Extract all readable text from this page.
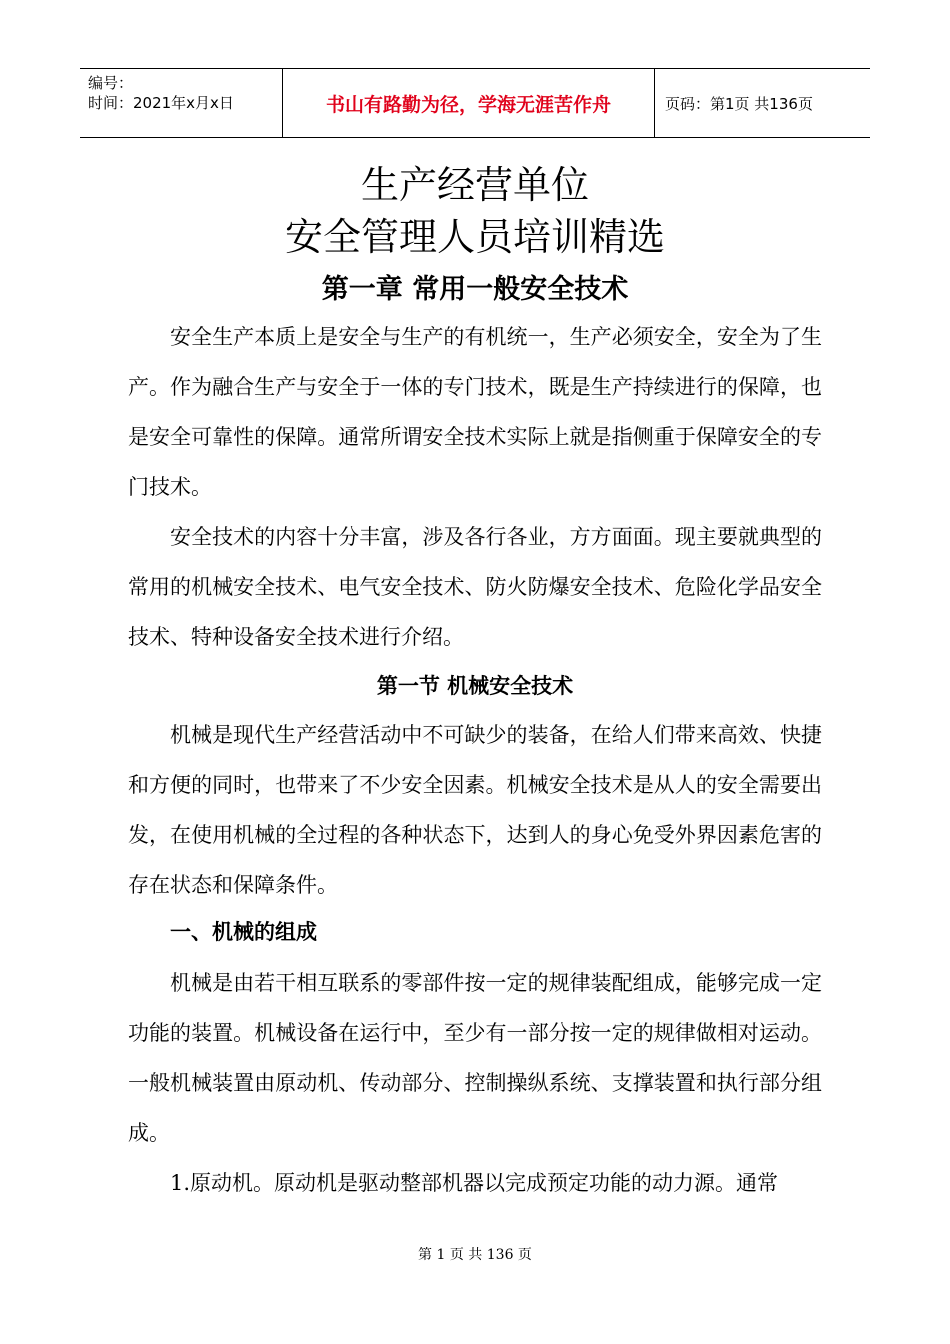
编号：
时间：2021年x月x日	书山有路勤为径，学海无涯苦作舟	页码：第1页 共136页
生产经营单位
安全管理人员培训精选
第一章 常用一般安全技术

安全生产本质上是安全与生产的有机统一，生产必须安全，安全为了生产。作为融合生产与安全于一体的专门技术，既是生产持续进行的保障，也是安全可靠性的保障。通常所谓安全技术实际上就是指侧重于保障安全的专门技术。

安全技术的内容十分丰富，涉及各行各业，方方面面。现主要就典型的常用的机械安全技术、电气安全技术、防火防爆安全技术、危险化学品安全技术、特种设备安全技术进行介绍。

第一节 机械安全技术

机械是现代生产经营活动中不可缺少的装备，在给人们带来高效、快捷和方便的同时，也带来了不少安全因素。机械安全技术是从人的安全需要出发，在使用机械的全过程的各种状态下，达到人的身心免受外界因素危害的存在状态和保障条件。

一、机械的组成

机械是由若干相互联系的零部件按一定的规律装配组成，能够完成一定功能的装置。机械设备在运行中，至少有一部分按一定的规律做相对运动。一般机械装置由原动机、传动部分、控制操纵系统、支撑装置和执行部分组成。

1.原动机。原动机是驱动整部机器以完成预定功能的动力源。通常

第 1 页 共 136 页
